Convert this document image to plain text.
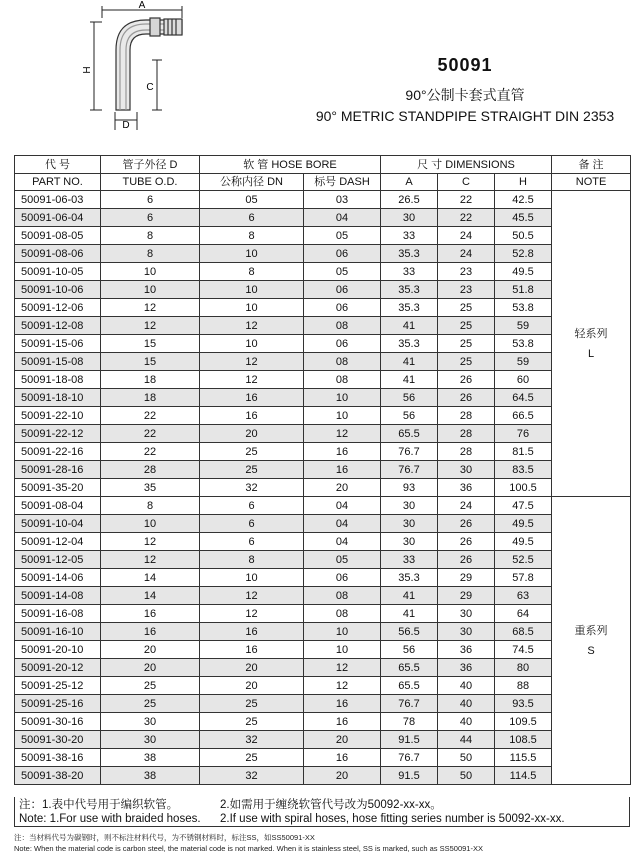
A
H
C
D
50091
90°公制卡套式直管
90° METRIC STANDPIPE STRAIGHT DIN 2353
代 号	管子外径 D	软 管 HOSE BORE		尺 寸 DIMENSIONS			备 注
PART NO.	TUBE O.D.	公称内径 DN	标号 DASH	A	C	H	NOTE
50091-06-03	6	05	03	26.5	22	42.5	轻系列
L

50091-06-04	6	6	04	30	22	45.5	
50091-08-05	8	8	05	33	24	50.5	
50091-08-06	8	10	06	35.3	24	52.8	
50091-10-05	10	8	05	33	23	49.5	
50091-10-06	10	10	06	35.3	23	51.8	
50091-12-06	12	10	06	35.3	25	53.8	
50091-12-08	12	12	08	41	25	59	
50091-15-06	15	10	06	35.3	25	53.8	
50091-15-08	15	12	08	41	25	59	
50091-18-08	18	12	08	41	26	60	
50091-18-10	18	16	10	56	26	64.5	
50091-22-10	22	16	10	56	28	66.5	
50091-22-12	22	20	12	65.5	28	76	
50091-22-16	22	25	16	76.7	28	81.5	
50091-28-16	28	25	16	76.7	30	83.5	
50091-35-20	35	32	20	93	36	100.5	
50091-08-04	8	6	04	30	24	47.5	重系列
S

50091-10-04	10	6	04	30	26	49.5	
50091-12-04	12	6	04	30	26	49.5	
50091-12-05	12	8	05	33	26	52.5	
50091-14-06	14	10	06	35.3	29	57.8	
50091-14-08	14	12	08	41	29	63	
50091-16-08	16	12	08	41	30	64	
50091-16-10	16	16	10	56.5	30	68.5	
50091-20-10	20	16	10	56	36	74.5	
50091-20-12	20	20	12	65.5	36	80	
50091-25-12	25	20	12	65.5	40	88	
50091-25-16	25	25	16	76.7	40	93.5	
50091-30-16	30	25	16	78	40	109.5	
50091-30-20	30	32	20	91.5	44	108.5	
50091-38-16	38	25	16	76.7	50	115.5	
50091-38-20	38	32	20	91.5	50	114.5	
注：1.表中代号用于编织软管。	2.如需用于缠绕软管代号改为50092-xx-xx。
Note: 1.For use with braided hoses. 2.If use with spiral hoses, hose fitting series number is 50092-xx-xx.
注：当材料代号为碳钢时，则不标注材料代号，为不锈钢材料时，标注SS，如SS50091-XX
Note: When the material code is carbon steel, the material code is not marked. When it is stainless steel, SS is marked, such as SS50091-XX
